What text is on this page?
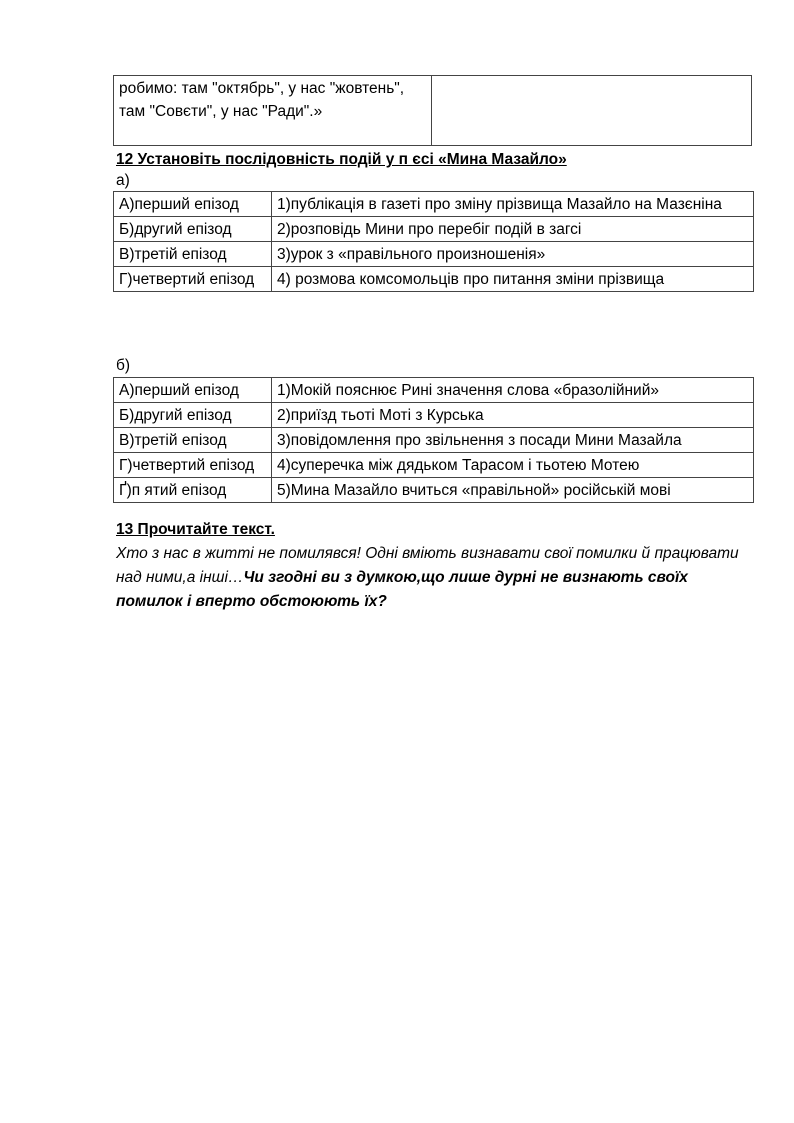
робимо: там "октябрь", у нас "жовтень", там "Совєти", у нас "Ради".»	
12 Установіть послідовність подій у п єсі «Мина Мазайло»
а)
А)перший епізод	1)публікація в газеті про зміну прізвища Мазайло на Мазєніна
Б)другий епізод	2)розповідь Мини про перебіг подій в загсі
В)третій епізод	3)урок з «правільного произношенія»
Г)четвертий епізод	4) розмова комсомольців про питання зміни прізвища
б)
А)перший епізод	1)Мокій пояснює Рині значення слова «бразолійний»
Б)другий епізод	2)приїзд тьоті Моті з Курська
В)третій епізод	3)повідомлення про звільнення з посади Мини Мазайла
Г)четвертий епізод	4)суперечка між дядьком Тарасом і тьотею Мотею
Ґ)п ятий епізод	5)Мина Мазайло вчиться «правільной» російській мові
13 Прочитайте текст.
Хто з нас в житті не помилявся! Одні вміють визнавати свої помилки й працювати над ними,а інші…Чи згодні ви з думкою,що лише дурні не визнають своїх помилок і вперто обстоюють їх?
